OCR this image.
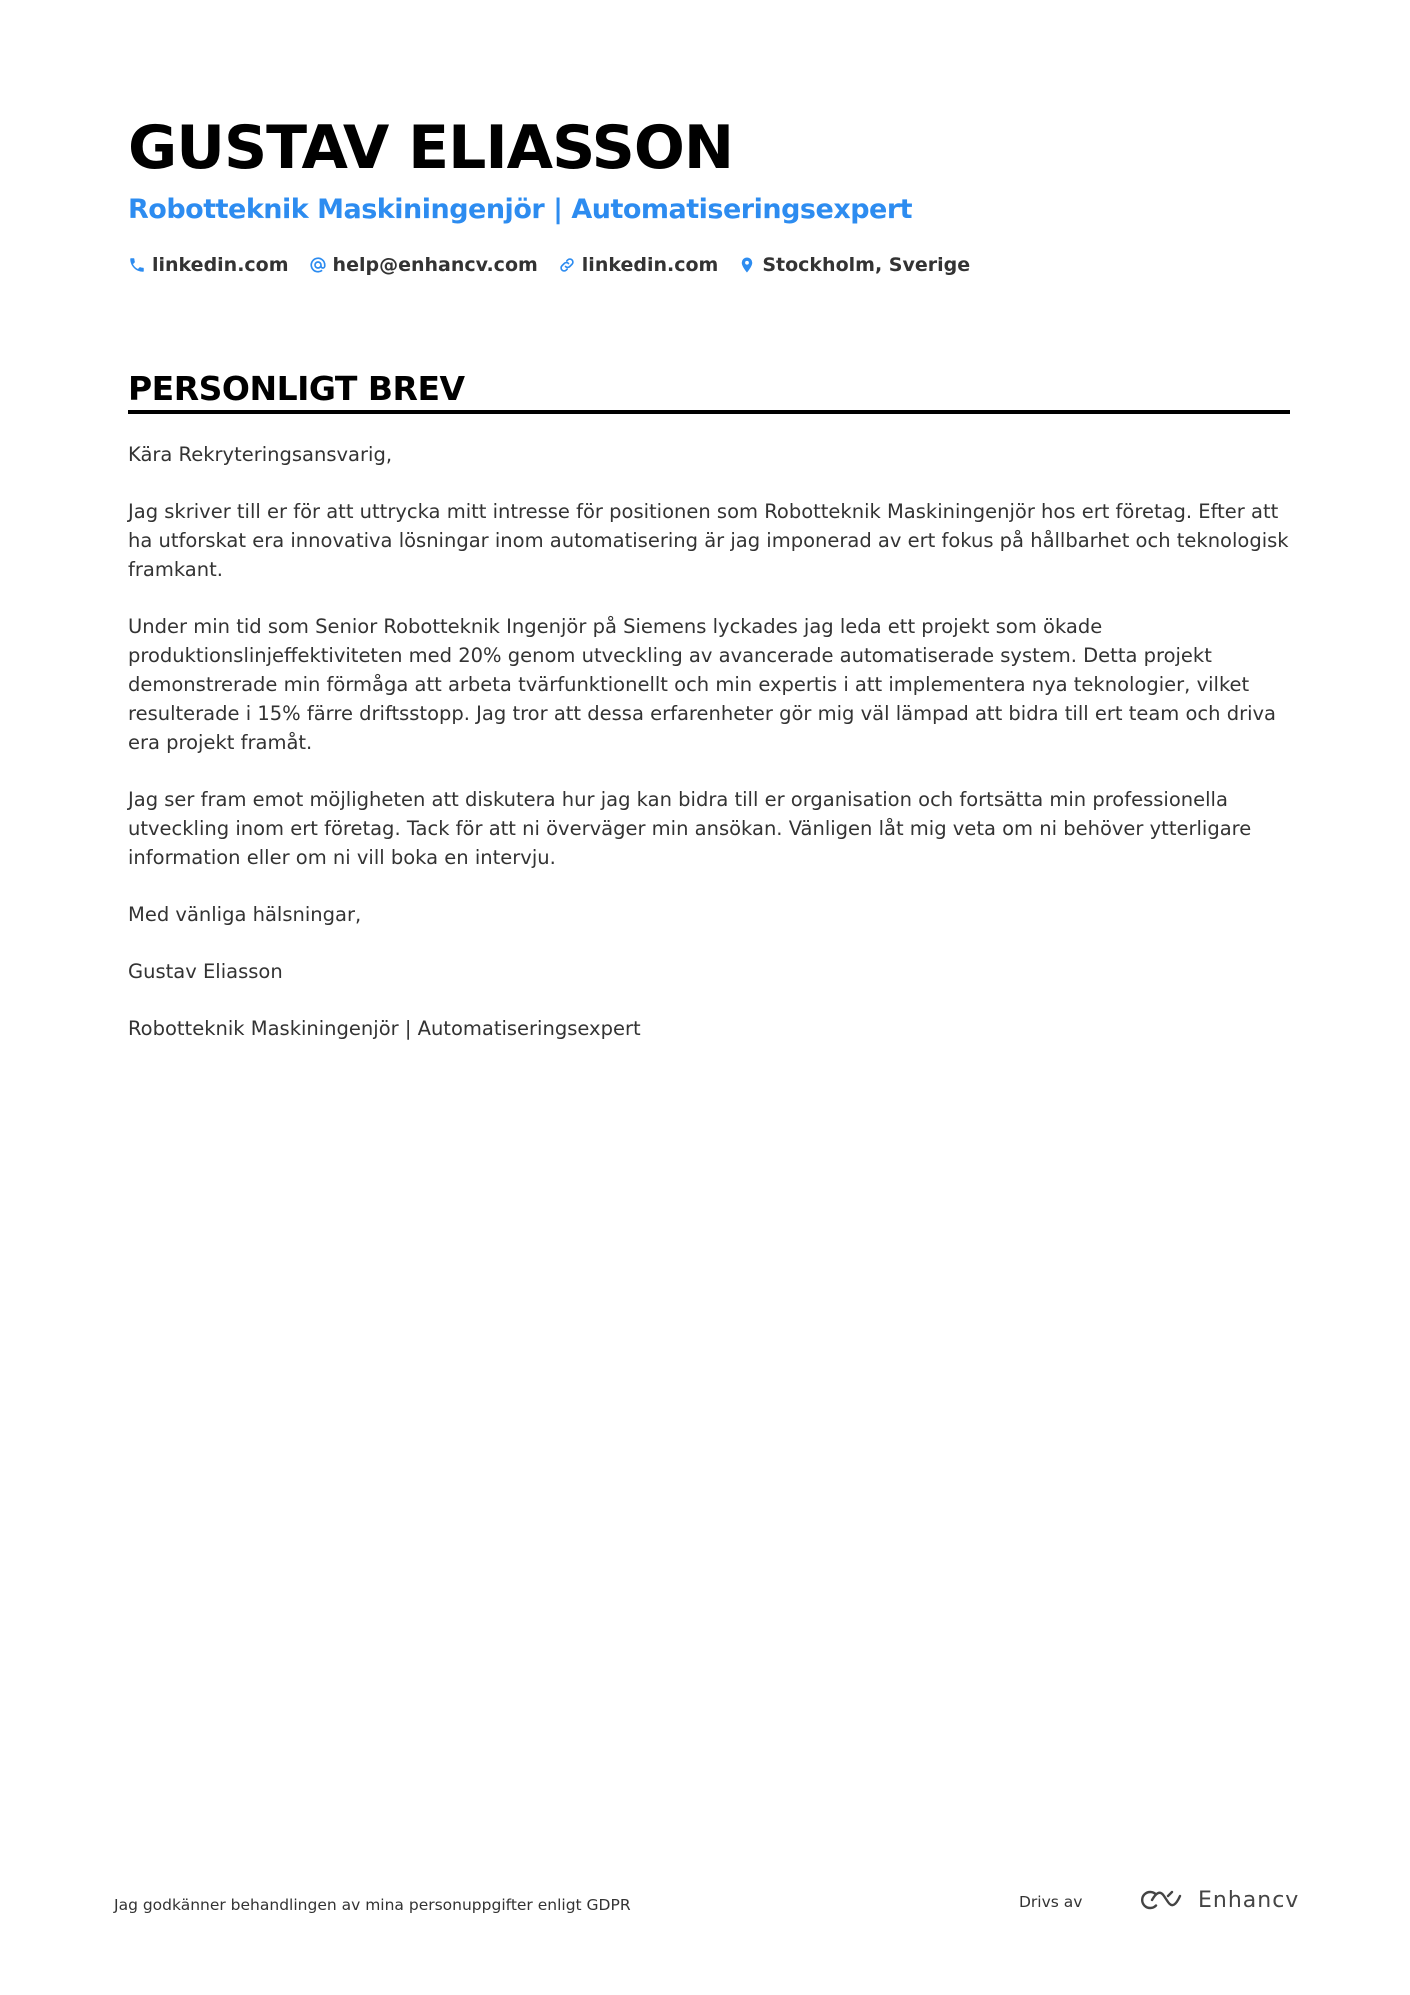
GUSTAV ELIASSON
Robotteknik Maskiningenjör | Automatiseringsexpert
linkedin.com help@enhancv.com linkedin.com Stockholm, Sverige
PERSONLIGT BREV

Kära Rekryteringsansvarig,

Jag skriver till er för att uttrycka mitt intresse för positionen som Robotteknik Maskiningenjör hos ert företag. Efter att ha utforskat era innovativa lösningar inom automatisering är jag imponerad av ert fokus på hållbarhet och teknologisk framkant.

Under min tid som Senior Robotteknik Ingenjör på Siemens lyckades jag leda ett projekt som ökade produktionslinjeffektiviteten med 20% genom utveckling av avancerade automatiserade system. Detta projekt demonstrerade min förmåga att arbeta tvärfunktionellt och min expertis i att implementera nya teknologier, vilket resulterade i 15% färre driftsstopp. Jag tror att dessa erfarenheter gör mig väl lämpad att bidra till ert team och driva era projekt framåt.

Jag ser fram emot möjligheten att diskutera hur jag kan bidra till er organisation och fortsätta min professionella utveckling inom ert företag. Tack för att ni överväger min ansökan. Vänligen låt mig veta om ni behöver ytterligare information eller om ni vill boka en intervju.

Med vänliga hälsningar,

Gustav Eliasson

Robotteknik Maskiningenjör | Automatiseringsexpert

Jag godkänner behandlingen av mina personuppgifter enligt GDPR	Drivs av	Enhancv
